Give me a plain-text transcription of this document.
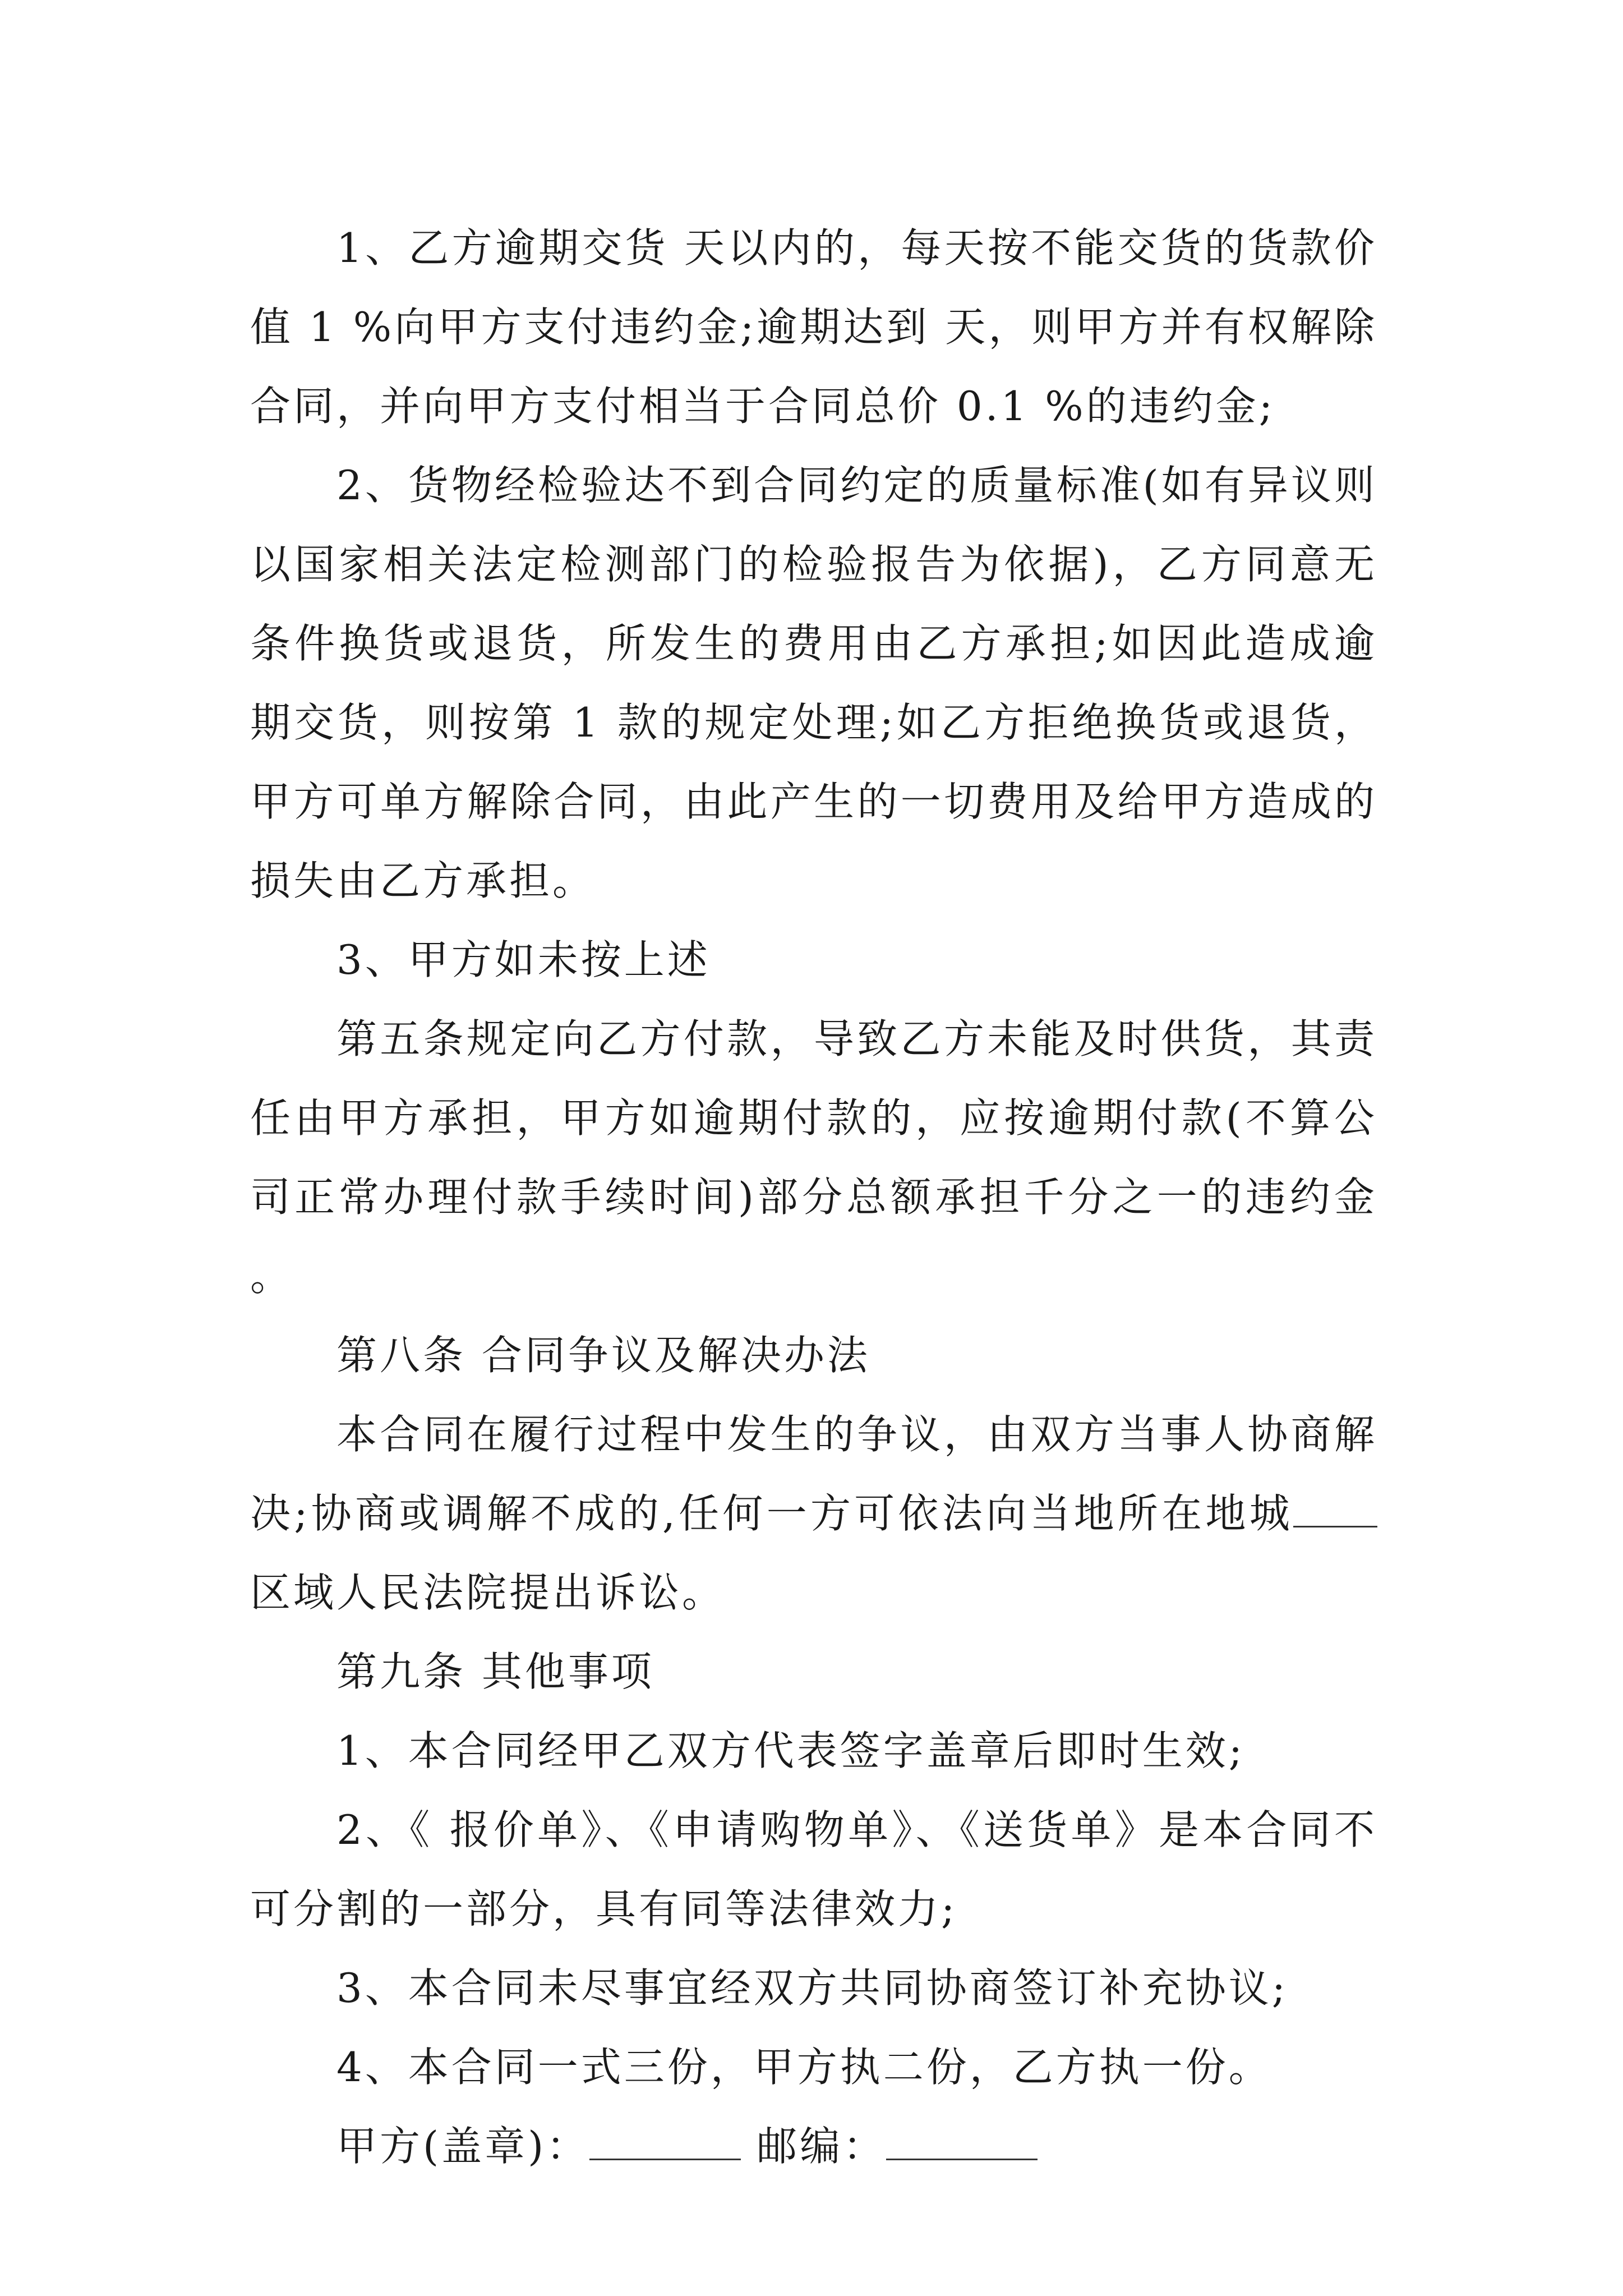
1、乙方逾期交货 天以内的，每天按不能交货的货款价值 1 %向甲方支付违约金;逾期达到 天，则甲方并有权解除合同，并向甲方支付相当于合同总价 0.1 %的违约金;

2、货物经检验达不到合同约定的质量标准(如有异议则以国家相关法定检测部门的检验报告为依据)，乙方同意无条件换货或退货，所发生的费用由乙方承担;如因此造成逾期交货，则按第 1 款的规定处理;如乙方拒绝换货或退货，甲方可单方解除合同，由此产生的一切费用及给甲方造成的损失由乙方承担。

3、甲方如未按上述

第五条规定向乙方付款，导致乙方未能及时供货，其责任由甲方承担，甲方如逾期付款的，应按逾期付款(不算公司正常办理付款手续时间)部分总额承担千分之一的违约金。

第八条 合同争议及解决办法

本合同在履行过程中发生的争议，由双方当事人协商解决;协商或调解不成的,任何一方可依法向当地所在地城区域人民法院提出诉讼。

第九条 其他事项

1、本合同经甲乙双方代表签字盖章后即时生效;

2、《 报价单》、《申请购物单》、《送货单》是本合同不可分割的一部分，具有同等法律效力;

3、本合同未尽事宜经双方共同协商签订补充协议;

4、本合同一式三份，甲方执二份，乙方执一份。

甲方(盖章)：	邮编：
